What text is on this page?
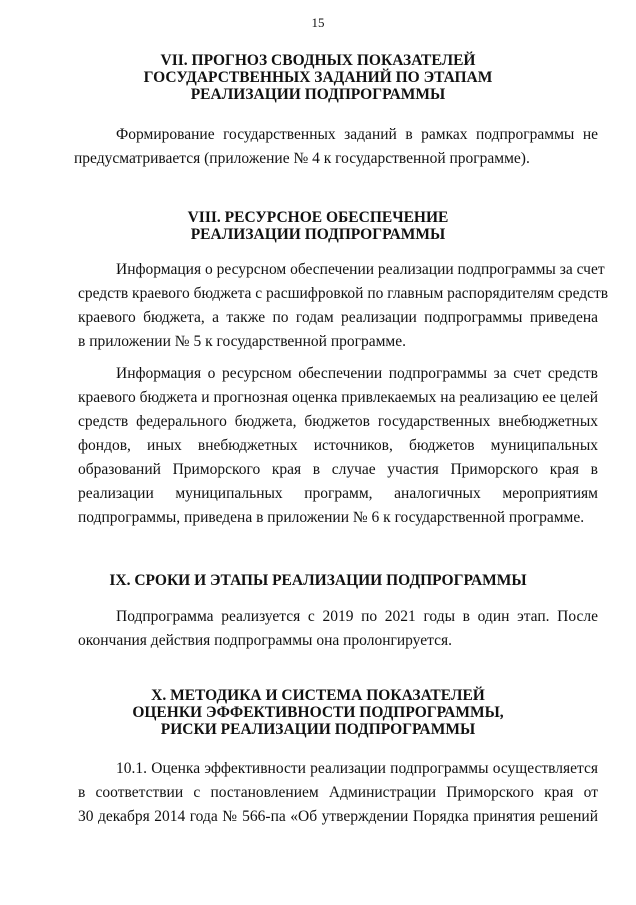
15
VII. ПРОГНОЗ СВОДНЫХ ПОКАЗАТЕЛЕЙ
ГОСУДАРСТВЕННЫХ ЗАДАНИЙ ПО ЭТАПАМ
РЕАЛИЗАЦИИ ПОДПРОГРАММЫ
Формирование государственных заданий в рамках подпрограммы не
предусматривается (приложение № 4 к государственной программе).
VIII. РЕСУРСНОЕ ОБЕСПЕЧЕНИЕ
РЕАЛИЗАЦИИ ПОДПРОГРАММЫ
Информация о ресурсном обеспечении реализации подпрограммы за счет
средств краевого бюджета с расшифровкой по главным распорядителям средств
краевого бюджета, а также по годам реализации подпрограммы приведена
в приложении № 5 к государственной программе.
Информация о ресурсном обеспечении подпрограммы за счет средств
краевого бюджета и прогнозная оценка привлекаемых на реализацию ее целей
средств федерального бюджета, бюджетов государственных внебюджетных
фондов, иных внебюджетных источников, бюджетов муниципальных
образований Приморского края в случае участия Приморского края в
реализации муниципальных программ, аналогичных мероприятиям
подпрограммы, приведена в приложении № 6 к государственной программе.
IX. СРОКИ И ЭТАПЫ РЕАЛИЗАЦИИ ПОДПРОГРАММЫ
Подпрограмма реализуется с 2019 по 2021 годы в один этап. После
окончания действия подпрограммы она пролонгируется.
X. МЕТОДИКА И СИСТЕМА ПОКАЗАТЕЛЕЙ
ОЦЕНКИ ЭФФЕКТИВНОСТИ ПОДПРОГРАММЫ,
РИСКИ РЕАЛИЗАЦИИ ПОДПРОГРАММЫ
10.1. Оценка эффективности реализации подпрограммы осуществляется
в соответствии с постановлением Администрации Приморского края от
30 декабря 2014 года № 566-па «Об утверждении Порядка принятия решений
